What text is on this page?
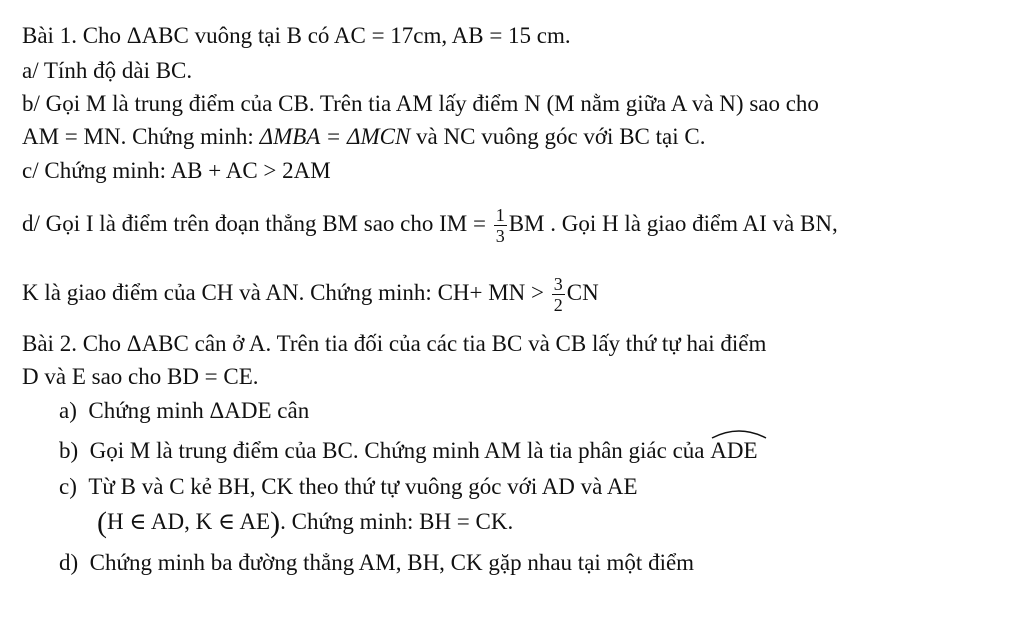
Bài 1. Cho ΔABC vuông tại B có AC = 17cm, AB = 15 cm.
a/ Tính độ dài BC.
b/ Gọi M là trung điểm của CB. Trên tia AM lấy điểm N (M nằm giữa A và N) sao cho
AM = MN. Chứng minh: ΔMBA = ΔMCN và NC vuông góc với BC tại C.
c/ Chứng minh: AB + AC > 2AM
d/ Gọi I là điểm trên đoạn thẳng BM sao cho IM = $\frac{1}{3}$ BM . Gọi H là giao điểm AI và BN,
K là giao điểm của CH và AN. Chứng minh: CH+ MN > $\frac{3}{2}$ CN
Bài 2. Cho ΔABC cân ở A. Trên tia đối của các tia BC và CB lấy thứ tự hai điểm
D và E sao cho BD = CE.
a) Chứng minh ΔADE cân
b) Gọi M là trung điểm của BC. Chứng minh AM là tia phân giác của
ADE
c) Từ B và C kẻ BH, CK theo thứ tự vuông góc với AD và AE
(H ∈ AD, K ∈ AE). Chứng minh: BH = CK.
d) Chứng minh ba đường thẳng AM, BH, CK gặp nhau tại một điểm
